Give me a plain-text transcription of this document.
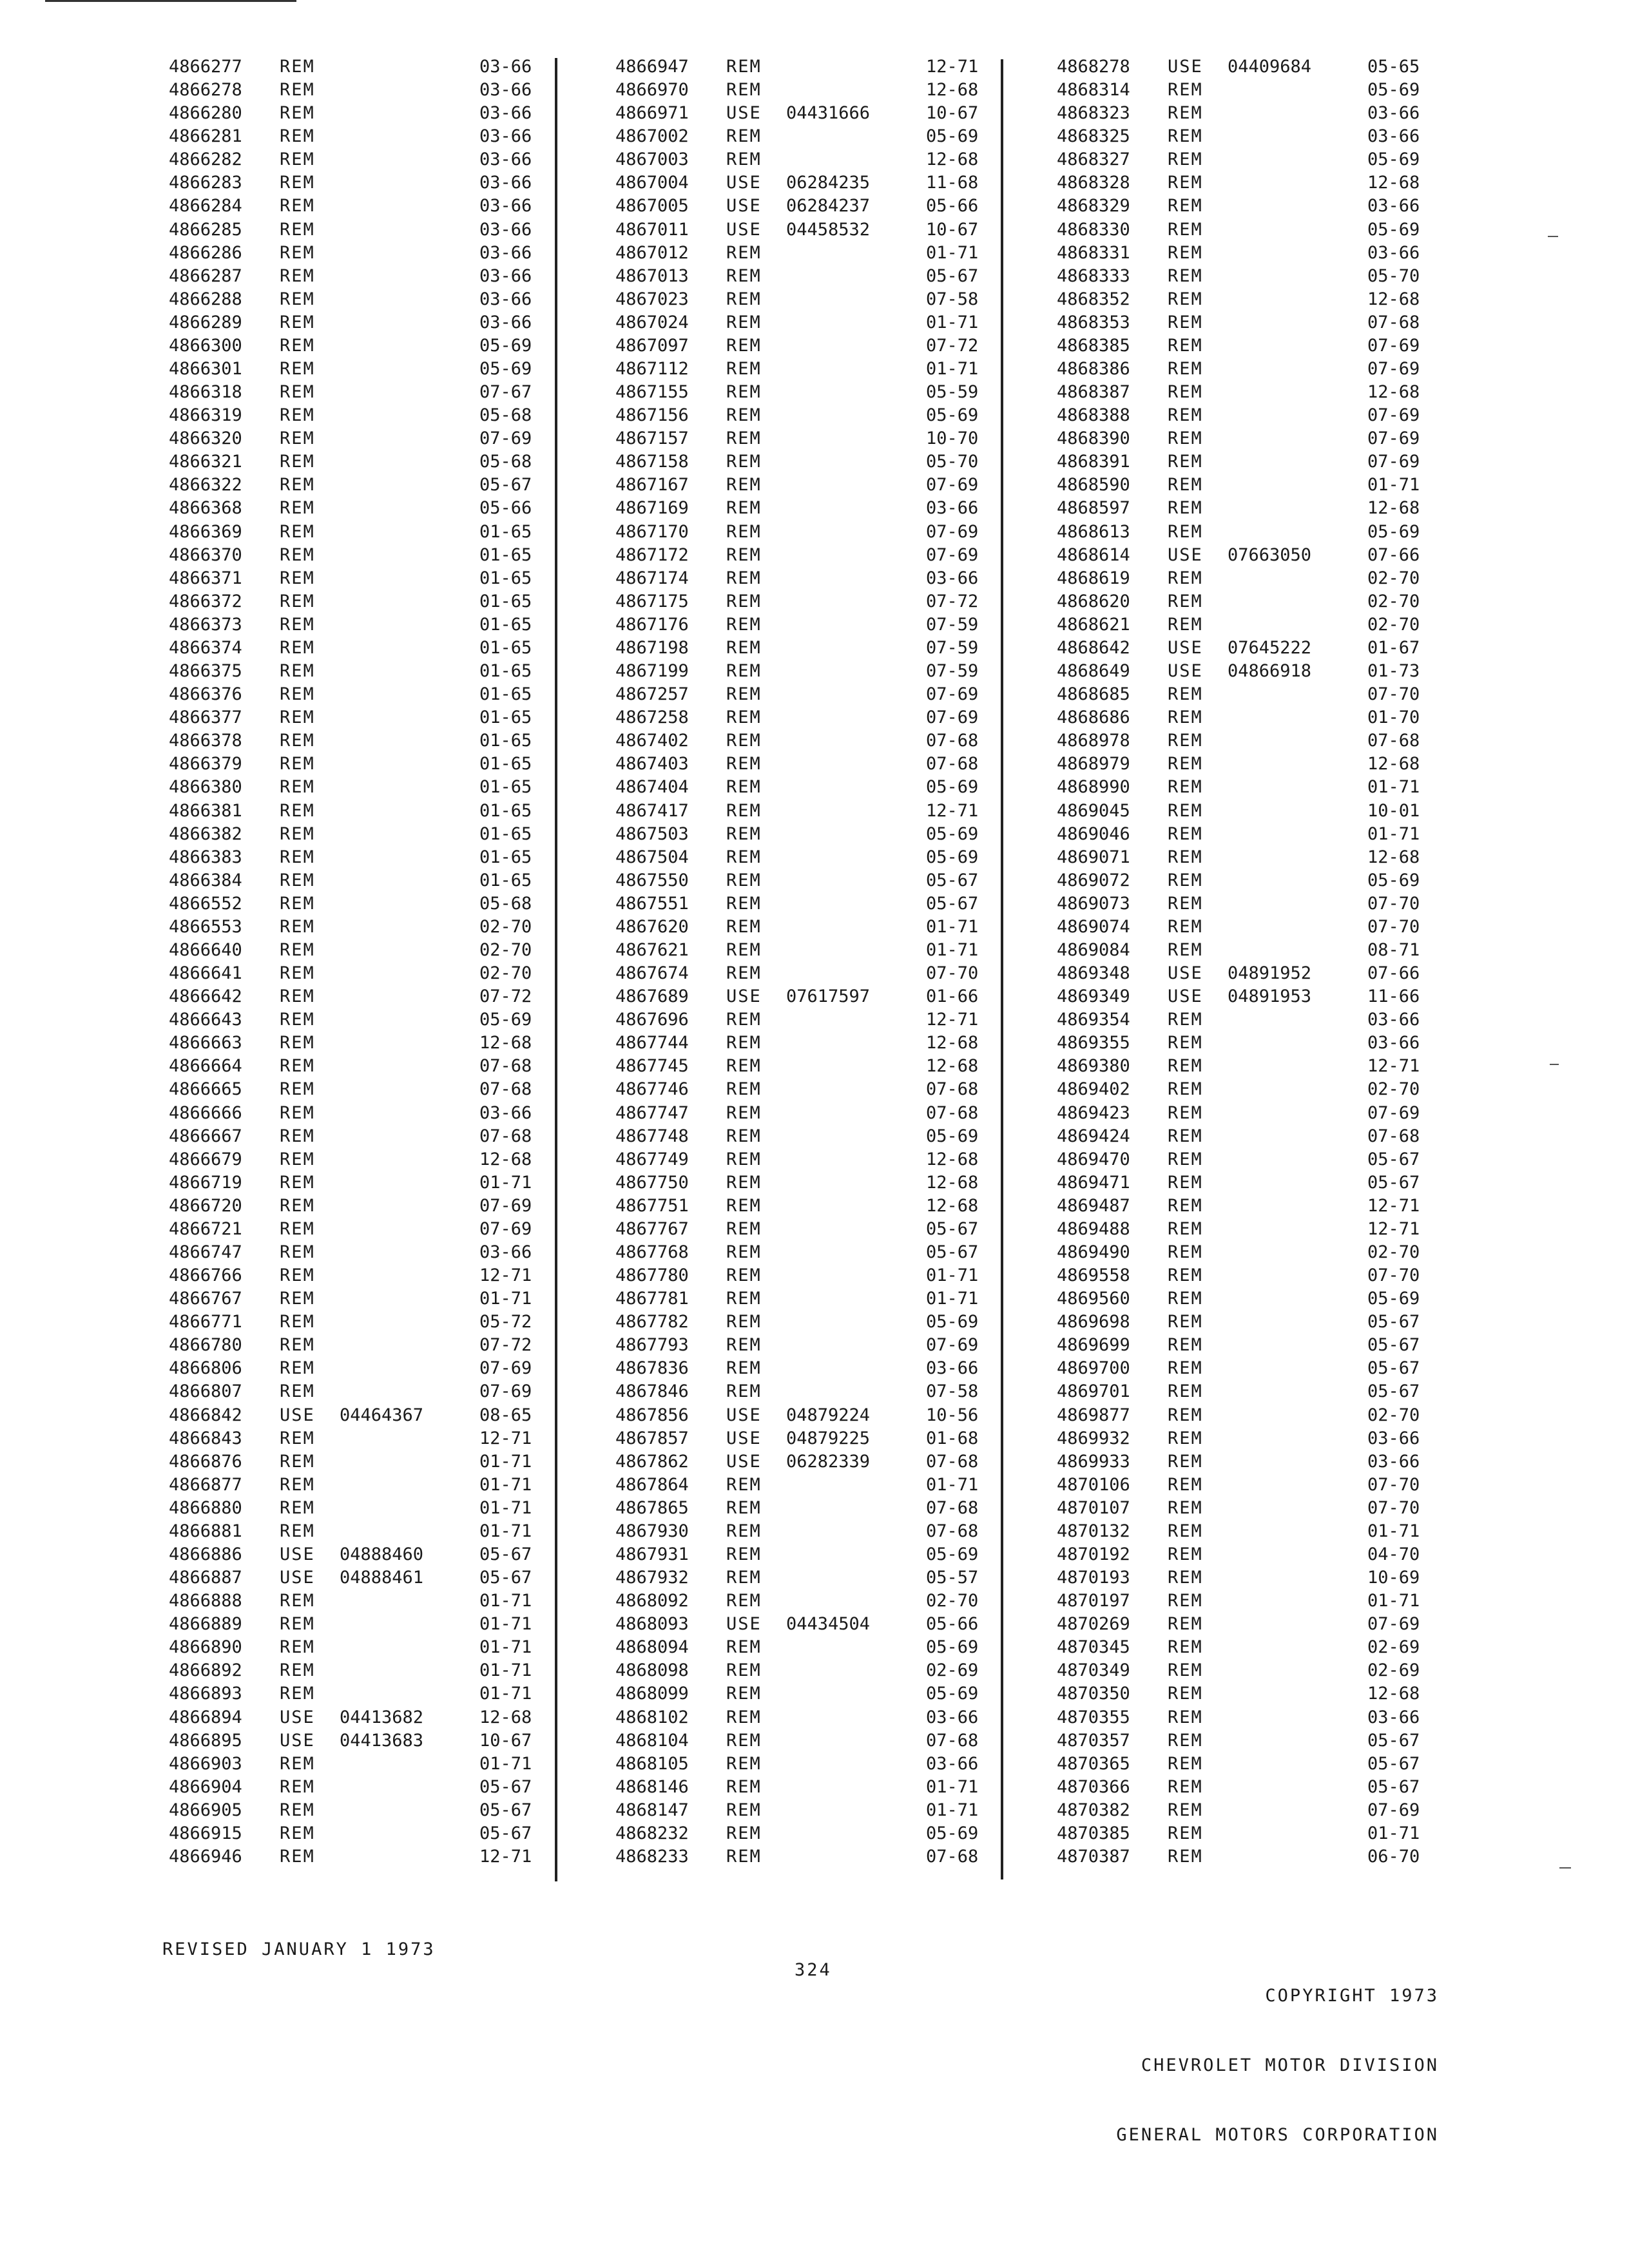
4866277 REM	03-66
4866278 REM	03-66
4866280 REM	03-66
4866281 REM	03-66
4866282 REM	03-66
4866283 REM	03-66
4866284 REM	03-66
4866285 REM	03-66
4866286 REM	03-66
4866287 REM	03-66
4866288 REM	03-66
4866289 REM	03-66
4866300 REM	05-69
4866301 REM	05-69
4866318 REM	07-67
4866319 REM	05-68
4866320 REM	07-69
4866321 REM	05-68
4866322 REM	05-67
4866368 REM	05-66
4866369 REM	01-65
4866370 REM	01-65
4866371 REM	01-65
4866372 REM	01-65
4866373 REM	01-65
4866374 REM	01-65
4866375 REM	01-65
4866376 REM	01-65
4866377 REM	01-65
4866378 REM	01-65
4866379 REM	01-65
4866380 REM	01-65
4866381 REM	01-65
4866382 REM	01-65
4866383 REM	01-65
4866384 REM	01-65
4866552 REM	05-68
4866553 REM	02-70
4866640 REM	02-70
4866641 REM	02-70
4866642 REM	07-72
4866643 REM	05-69
4866663 REM	12-68
4866664 REM	07-68
4866665 REM	07-68
4866666 REM	03-66
4866667 REM	07-68
4866679 REM	12-68
4866719 REM	01-71
4866720 REM	07-69
4866721 REM	07-69
4866747 REM	03-66
4866766 REM	12-71
4866767 REM	01-71
4866771 REM	05-72
4866780 REM	07-72
4866806 REM	07-69
4866807 REM	07-69
4866842 USE 04464367	08-65
4866843 REM	12-71
4866876 REM	01-71
4866877 REM	01-71
4866880 REM	01-71
4866881 REM	01-71
4866886 USE 04888460	05-67
4866887 USE 04888461	05-67
4866888 REM	01-71
4866889 REM	01-71
4866890 REM	01-71
4866892 REM	01-71
4866893 REM	01-71
4866894 USE 04413682	12-68
4866895 USE 04413683	10-67
4866903 REM	01-71
4866904 REM	05-67
4866905 REM	05-67
4866915 REM	05-67
4866946 REM	12-71
4866947 REM	12-71
4866970 REM	12-68
4866971 USE 04431666	10-67
4867002 REM	05-69
4867003 REM	12-68
4867004 USE 06284235	11-68
4867005 USE 06284237	05-66
4867011 USE 04458532	10-67
4867012 REM	01-71
4867013 REM	05-67
4867023 REM	07-58
4867024 REM	01-71
4867097 REM	07-72
4867112 REM	01-71
4867155 REM	05-59
4867156 REM	05-69
4867157 REM	10-70
4867158 REM	05-70
4867167 REM	07-69
4867169 REM	03-66
4867170 REM	07-69
4867172 REM	07-69
4867174 REM	03-66
4867175 REM	07-72
4867176 REM	07-59
4867198 REM	07-59
4867199 REM	07-59
4867257 REM	07-69
4867258 REM	07-69
4867402 REM	07-68
4867403 REM	07-68
4867404 REM	05-69
4867417 REM	12-71
4867503 REM	05-69
4867504 REM	05-69
4867550 REM	05-67
4867551 REM	05-67
4867620 REM	01-71
4867621 REM	01-71
4867674 REM	07-70
4867689 USE 07617597	01-66
4867696 REM	12-71
4867744 REM	12-68
4867745 REM	12-68
4867746 REM	07-68
4867747 REM	07-68
4867748 REM	05-69
4867749 REM	12-68
4867750 REM	12-68
4867751 REM	12-68
4867767 REM	05-67
4867768 REM	05-67
4867780 REM	01-71
4867781 REM	01-71
4867782 REM	05-69
4867793 REM	07-69
4867836 REM	03-66
4867846 REM	07-58
4867856 USE 04879224	10-56
4867857 USE 04879225	01-68
4867862 USE 06282339	07-68
4867864 REM	01-71
4867865 REM	07-68
4867930 REM	07-68
4867931 REM	05-69
4867932 REM	05-57
4868092 REM	02-70
4868093 USE 04434504	05-66
4868094 REM	05-69
4868098 REM	02-69
4868099 REM	05-69
4868102 REM	03-66
4868104 REM	07-68
4868105 REM	03-66
4868146 REM	01-71
4868147 REM	01-71
4868232 REM	05-69
4868233 REM	07-68
4868278 USE 04409684	05-65
4868314 REM	05-69
4868323 REM	03-66
4868325 REM	03-66
4868327 REM	05-69
4868328 REM	12-68
4868329 REM	03-66
4868330 REM	05-69
4868331 REM	03-66
4868333 REM	05-70
4868352 REM	12-68
4868353 REM	07-68
4868385 REM	07-69
4868386 REM	07-69
4868387 REM	12-68
4868388 REM	07-69
4868390 REM	07-69
4868391 REM	07-69
4868590 REM	01-71
4868597 REM	12-68
4868613 REM	05-69
4868614 USE 07663050	07-66
4868619 REM	02-70
4868620 REM	02-70
4868621 REM	02-70
4868642 USE 07645222	01-67
4868649 USE 04866918	01-73
4868685 REM	07-70
4868686 REM	01-70
4868978 REM	07-68
4868979 REM	12-68
4868990 REM	01-71
4869045 REM	10-01
4869046 REM	01-71
4869071 REM	12-68
4869072 REM	05-69
4869073 REM	07-70
4869074 REM	07-70
4869084 REM	08-71
4869348 USE 04891952	07-66
4869349 USE 04891953	11-66
4869354 REM	03-66
4869355 REM	03-66
4869380 REM	12-71
4869402 REM	02-70
4869423 REM	07-69
4869424 REM	07-68
4869470 REM	05-67
4869471 REM	05-67
4869487 REM	12-71
4869488 REM	12-71
4869490 REM	02-70
4869558 REM	07-70
4869560 REM	05-69
4869698 REM	05-67
4869699 REM	05-67
4869700 REM	05-67
4869701 REM	05-67
4869877 REM	02-70
4869932 REM	03-66
4869933 REM	03-66
4870106 REM	07-70
4870107 REM	07-70
4870132 REM	01-71
4870192 REM	04-70
4870193 REM	10-69
4870197 REM	01-71
4870269 REM	07-69
4870345 REM	02-69
4870349 REM	02-69
4870350 REM	12-68
4870355 REM	03-66
4870357 REM	05-67
4870365 REM	05-67
4870366 REM	05-67
4870382 REM	07-69
4870385 REM	01-71
4870387 REM	06-70
REVISED JANUARY 1 1973
324

COPYRIGHT 1973

CHEVROLET MOTOR DIVISION

GENERAL MOTORS CORPORATION
